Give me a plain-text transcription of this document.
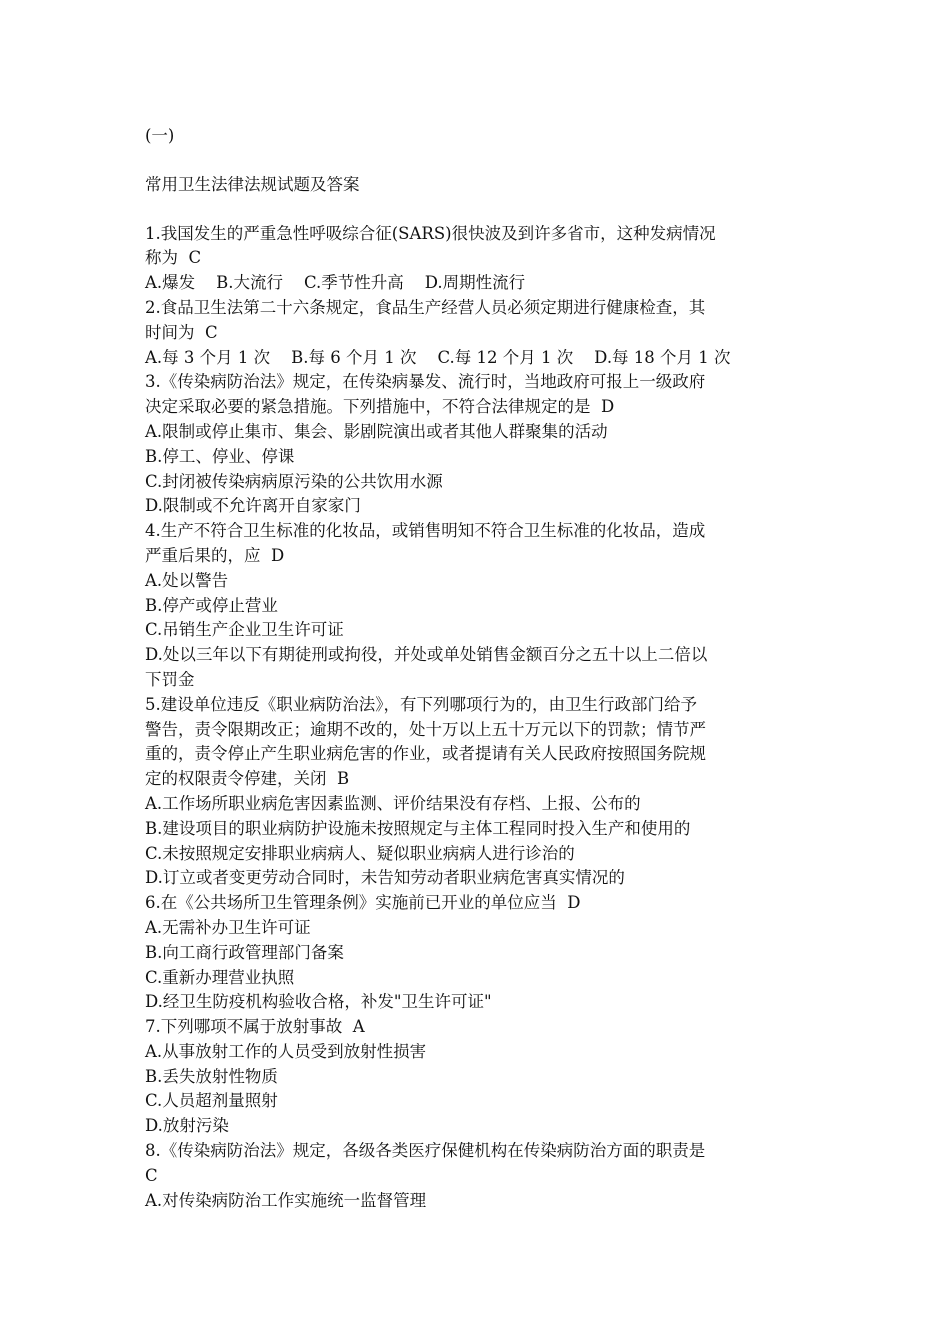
(一)

常用卫生法律法规试题及答案

1.我国发生的严重急性呼吸综合征(SARS)很快波及到许多省市，这种发病情况
称为  C
A.爆发    B.大流行    C.季节性升高    D.周期性流行
2.食品卫生法第二十六条规定，食品生产经营人员必须定期进行健康检查，其
时间为  C
A.每 3 个月 1 次    B.每 6 个月 1 次    C.每 12 个月 1 次    D.每 18 个月 1 次
3.《传染病防治法》规定，在传染病暴发、流行时，当地政府可报上一级政府
决定采取必要的紧急措施。下列措施中，不符合法律规定的是  D
A.限制或停止集市、集会、影剧院演出或者其他人群聚集的活动
B.停工、停业、停课
C.封闭被传染病病原污染的公共饮用水源
D.限制或不允许离开自家家门
4.生产不符合卫生标准的化妆品，或销售明知不符合卫生标准的化妆品，造成
严重后果的，应  D
A.处以警告
B.停产或停止营业
C.吊销生产企业卫生许可证
D.处以三年以下有期徒刑或拘役，并处或单处销售金额百分之五十以上二倍以
下罚金
5.建设单位违反《职业病防治法》，有下列哪项行为的，由卫生行政部门给予
警告，责令限期改正；逾期不改的，处十万以上五十万元以下的罚款；情节严
重的，责令停止产生职业病危害的作业，或者提请有关人民政府按照国务院规
定的权限责令停建，关闭  B
A.工作场所职业病危害因素监测、评价结果没有存档、上报、公布的
B.建设项目的职业病防护设施未按照规定与主体工程同时投入生产和使用的
C.未按照规定安排职业病病人、疑似职业病病人进行诊治的
D.订立或者变更劳动合同时，未告知劳动者职业病危害真实情况的
6.在《公共场所卫生管理条例》实施前已开业的单位应当  D
A.无需补办卫生许可证
B.向工商行政管理部门备案
C.重新办理营业执照
D.经卫生防疫机构验收合格，补发"卫生许可证"
7.下列哪项不属于放射事故  A
A.从事放射工作的人员受到放射性损害
B.丢失放射性物质
C.人员超剂量照射
D.放射污染
8.《传染病防治法》规定，各级各类医疗保健机构在传染病防治方面的职责是
C
A.对传染病防治工作实施统一监督管理
